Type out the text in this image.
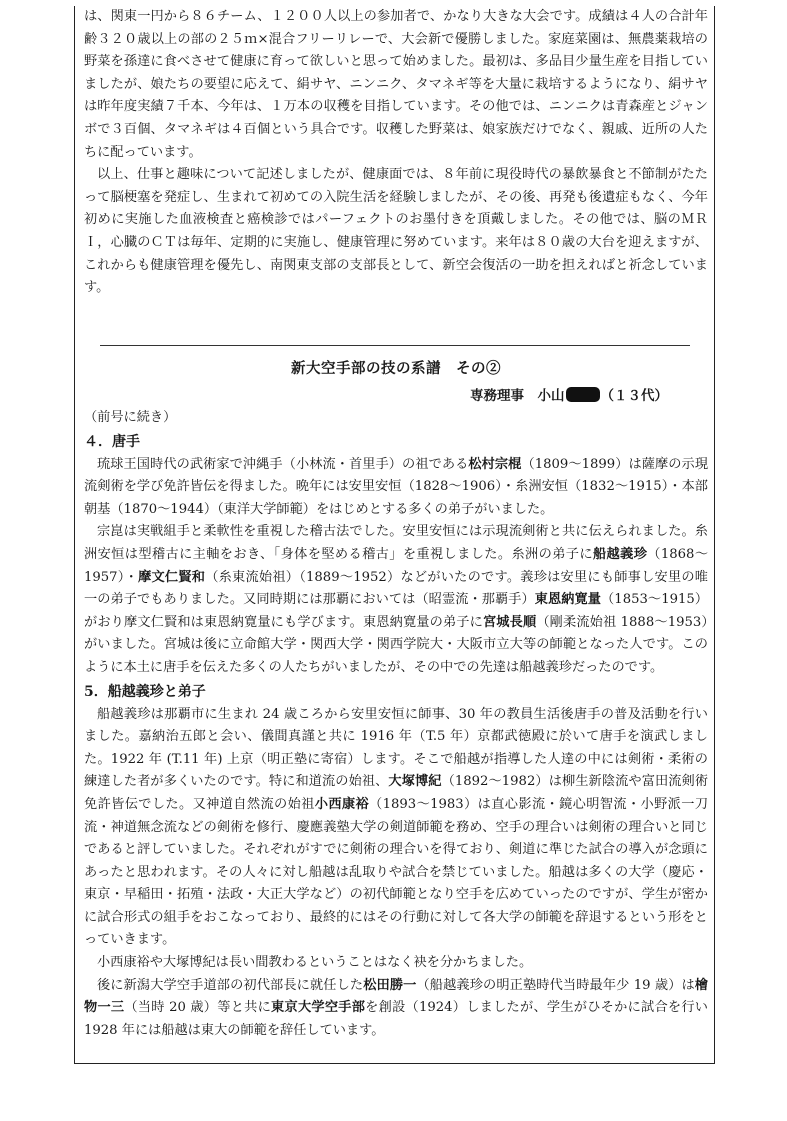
は、関東一円から８６チーム、１２００人以上の参加者で、かなり大きな大会です。成績は４人の合計年齢３２０歳以上の部の２５ｍ×混合フリーリレーで、大会新で優勝しました。家庭菜園は、無農薬栽培の野菜を孫達に食べさせて健康に育って欲しいと思って始めました。最初は、多品目少量生産を目指していましたが、娘たちの要望に応えて、絹サヤ、ニンニク、タマネギ等を大量に栽培するようになり、絹サヤは昨年度実績７千本、今年は、１万本の収穫を目指しています。その他では、ニンニクは青森産とジャンボで３百個、タマネギは４百個という具合です。収穫した野菜は、娘家族だけでなく、親戚、近所の人たちに配っています。

以上、仕事と趣味について記述しましたが、健康面では、８年前に現役時代の暴飲暴食と不節制がたたって脳梗塞を発症し、生まれて初めての入院生活を経験しましたが、その後、再発も後遺症もなく、今年初めに実施した血液検査と癌検診ではパーフェクトのお墨付きを頂戴しました。その他では、脳のＭＲＩ，心臓のＣＴは毎年、定期的に実施し、健康管理に努めています。来年は８０歳の大台を迎えますが、これからも健康管理を優先し、南関東支部の支部長として、新空会復活の一助を担えればと祈念しています。

新大空手部の技の系譜　その②
専務理事　小山	（１３代）

（前号に続き）

４．唐手

琉球王国時代の武術家で沖縄手（小林流・首里手）の祖である松村宗棍（1809～1899）は薩摩の示現流剣術を学び免許皆伝を得ました。晩年には安里安恒（1828～1906）・糸洲安恒（1832～1915）・本部朝基（1870～1944）（東洋大学師範）をはじめとする多くの弟子がいました。

宗崑は実戦組手と柔軟性を重視した稽古法でした。安里安恒には示現流剣術と共に伝えられました。糸洲安恒は型稽古に主軸をおき、「身体を堅める稽古」を重視しました。糸洲の弟子に船越義珍（1868～1957）・摩文仁賢和（糸東流始祖）（1889～1952）などがいたのです。義珍は安里にも師事し安里の唯一の弟子でもありました。又同時期には那覇においては（昭霊流・那覇手）東恩納寛量（1853～1915）がおり摩文仁賢和は東恩納寛量にも学びます。東恩納寛量の弟子に宮城長順（剛柔流始祖 1888～1953）がいました。宮城は後に立命館大学・関西大学・関西学院大・大阪市立大等の師範となった人です。このように本土に唐手を伝えた多くの人たちがいましたが、その中での先達は船越義珍だったのです。

5．船越義珍と弟子

船越義珍は那覇市に生まれ 24 歳ころから安里安恒に師事、30 年の教員生活後唐手の普及活動を行いました。嘉納治五郎と会い、儀間真謹と共に 1916 年（T.5 年）京都武徳殿に於いて唐手を演武しました。1922 年 (T.11 年) 上京（明正塾に寄宿）します。そこで船越が指導した人達の中には剣術・柔術の練達した者が多くいたのです。特に和道流の始祖、大塚博紀（1892～1982）は柳生新陰流や富田流剣術免許皆伝でした。又神道自然流の始祖小西康裕（1893～1983）は直心影流・鏡心明智流・小野派一刀流・神道無念流などの剣術を修行、慶應義塾大学の剣道師範を務め、空手の理合いは剣術の理合いと同じであると評していました。それぞれがすでに剣術の理合いを得ており、剣道に準じた試合の導入が念頭にあったと思われます。その人々に対し船越は乱取りや試合を禁じていました。船越は多くの大学（慶応・東京・早稲田・拓殖・法政・大正大学など）の初代師範となり空手を広めていったのですが、学生が密かに試合形式の組手をおこなっており、最終的にはその行動に対して各大学の師範を辞退するという形をとっていきます。

小西康裕や大塚博紀は長い間教わるということはなく袂を分かちました。

後に新潟大学空手道部の初代部長に就任した松田勝一（船越義珍の明正塾時代当時最年少 19 歳）は檜物一三（当時 20 歳）等と共に東京大学空手部を創設（1924）しましたが、学生がひそかに試合を行い 1928 年には船越は東大の師範を辞任しています。
